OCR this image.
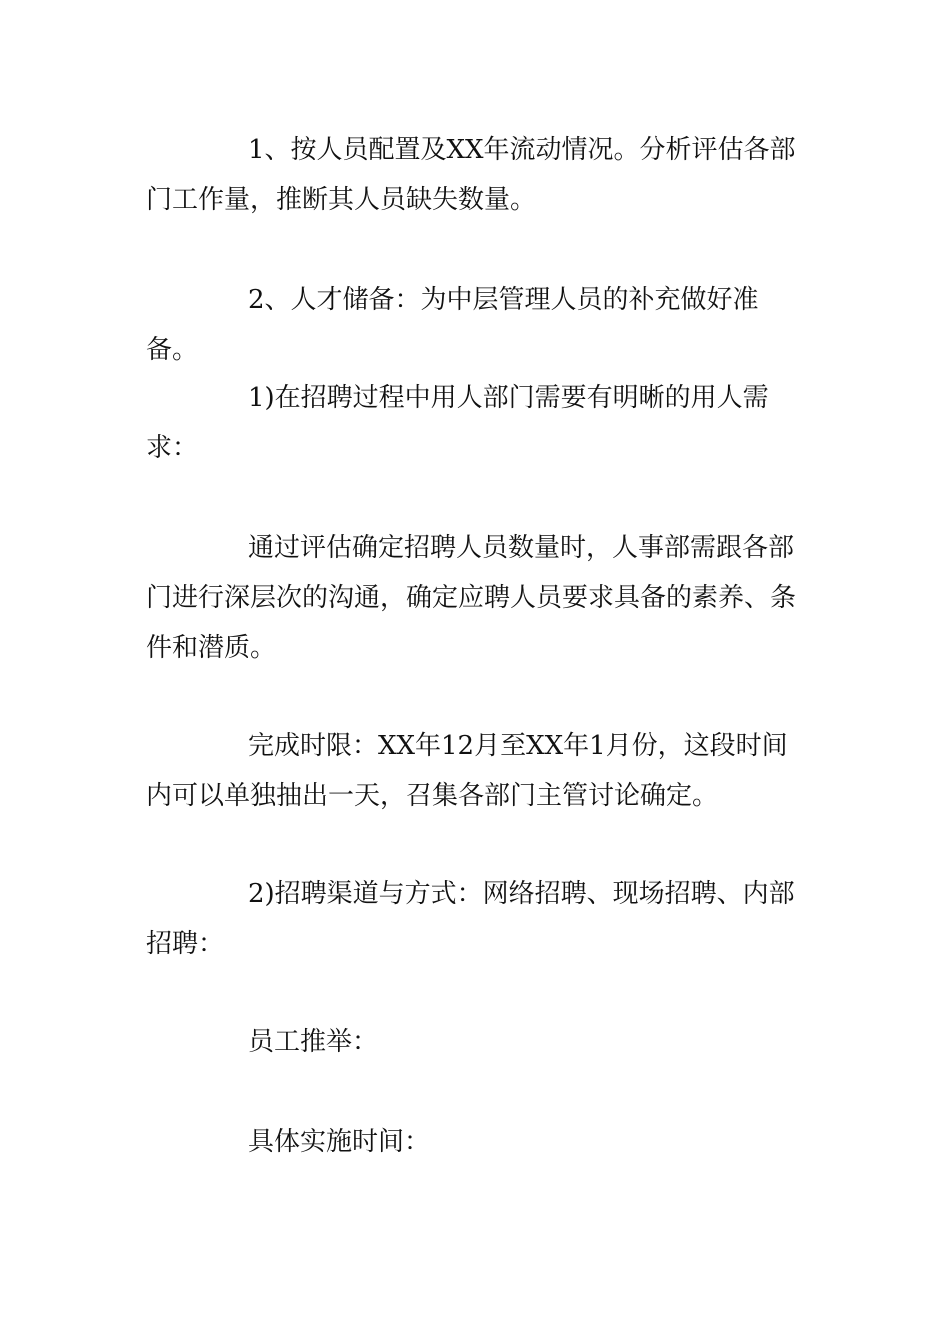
1、按人员配置及XX年流动情况。分析评估各部门工作量，推断其人员缺失数量。

2、人才储备：为中层管理人员的补充做好准备。

1)在招聘过程中用人部门需要有明晰的用人需求：

通过评估确定招聘人员数量时，人事部需跟各部门进行深层次的沟通，确定应聘人员要求具备的素养、条件和潜质。

完成时限：XX年12月至XX年1月份，这段时间内可以单独抽出一天，召集各部门主管讨论确定。

2)招聘渠道与方式：网络招聘、现场招聘、内部招聘：

员工推举：

具体实施时间：
